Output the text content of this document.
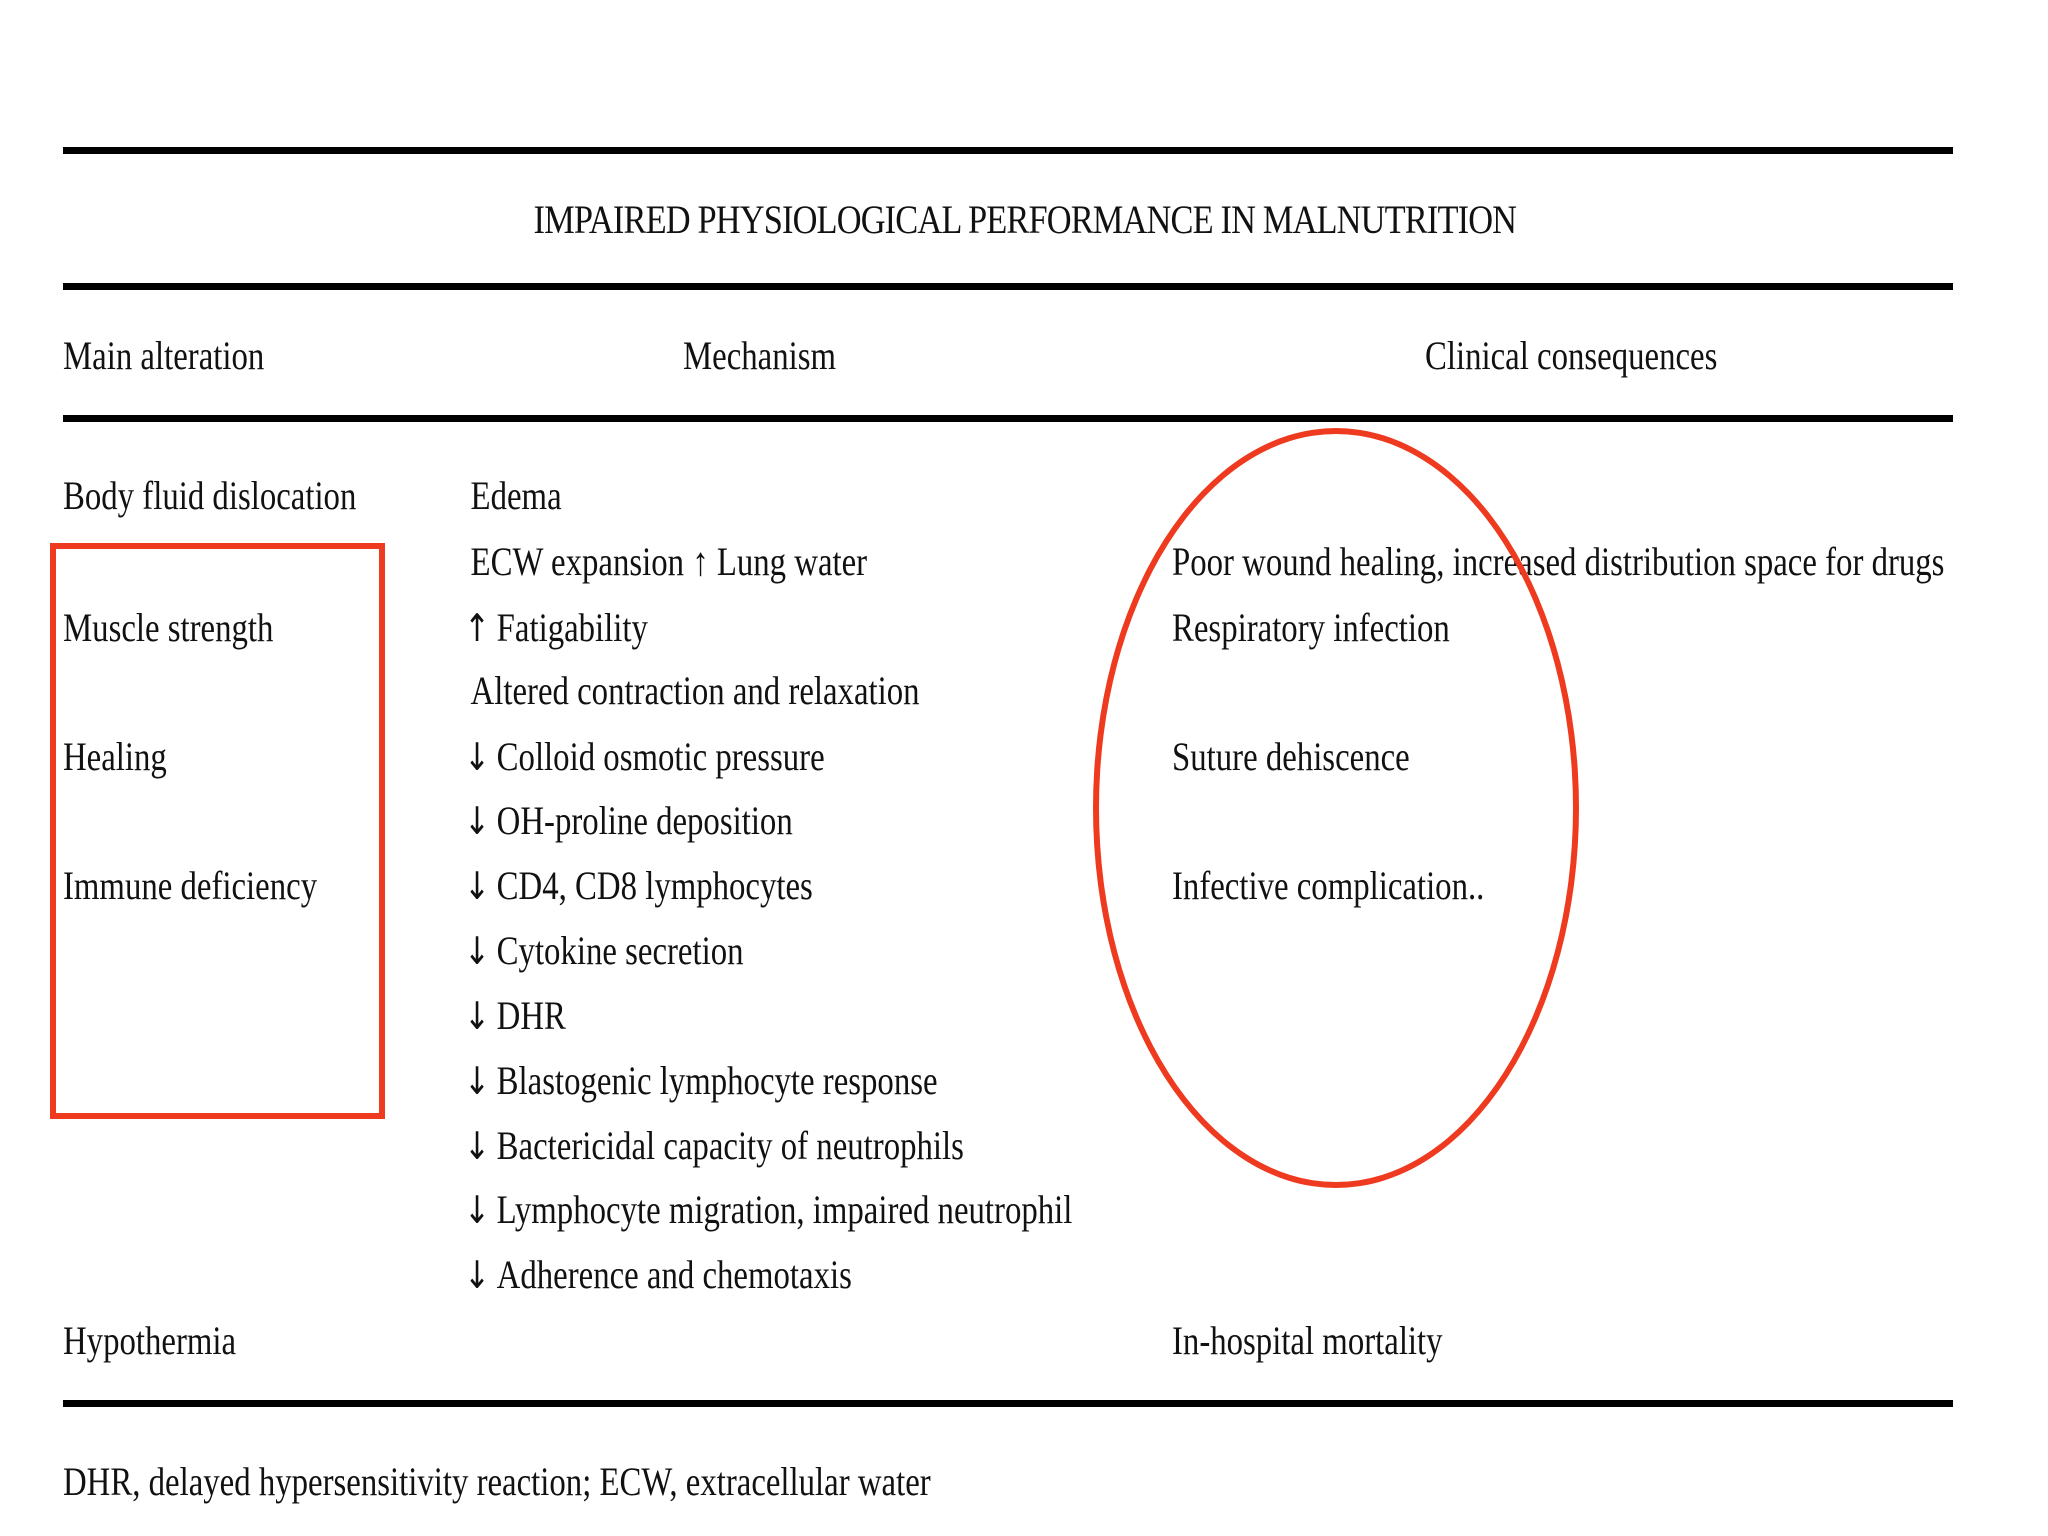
IMPAIRED PHYSIOLOGICAL PERFORMANCE IN MALNUTRITION
Main alteration	Mechanism	Clinical consequences
Body fluid dislocation
Muscle strength
Healing
Immune deficiency
Hypothermia
Edema
ECW expansion ↑ Lung water
↑ Fatigability
Altered contraction and relaxation
↓ Colloid osmotic pressure
↓ OH-proline deposition
↓ CD4, CD8 lymphocytes
↓ Cytokine secretion
↓ DHR
↓ Blastogenic lymphocyte response
↓ Bactericidal capacity of neutrophils
↓ Lymphocyte migration, impaired neutrophil
↓ Adherence and chemotaxis
Poor wound healing, increased distribution space for drugs
Respiratory infection
Suture dehiscence
Infective complication..
In-hospital mortality
DHR, delayed hypersensitivity reaction; ECW, extracellular water
